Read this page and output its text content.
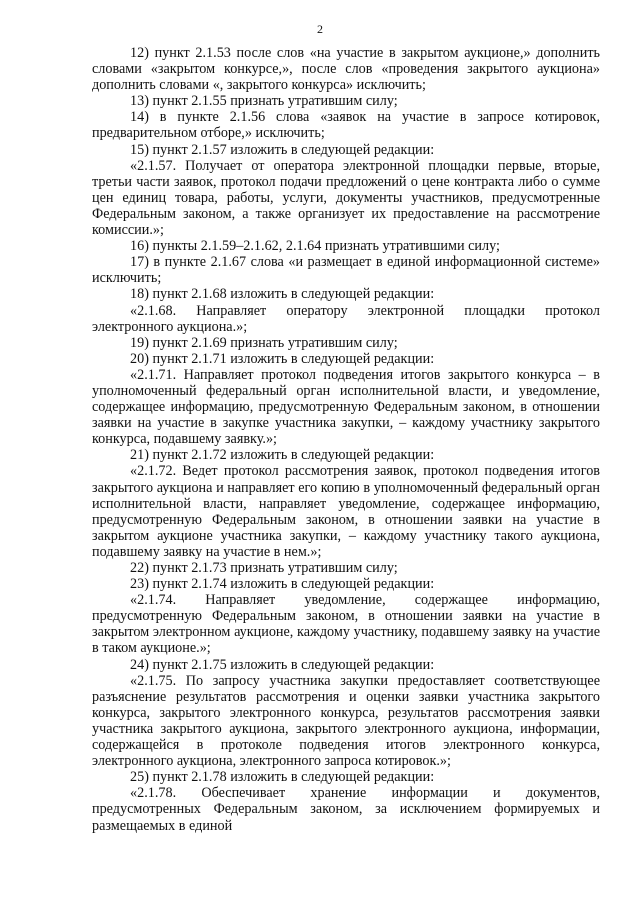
2

12) пункт 2.1.53 после слов «на участие в закрытом аукционе,» дополнить словами «закрытом конкурсе,», после слов «проведения закрытого аукциона» дополнить словами «, закрытого конкурса» исключить;

13) пункт 2.1.55 признать утратившим силу;

14) в пункте 2.1.56 слова «заявок на участие в запросе котировок, предварительном отборе,» исключить;

15) пункт 2.1.57 изложить в следующей редакции:

«2.1.57. Получает от оператора электронной площадки первые, вторые, третьи части заявок, протокол подачи предложений о цене контракта либо о сумме цен единиц товара, работы, услуги, документы участников, предусмотренные Федеральным законом, а также организует их предоставление на рассмотрение комиссии.»;

16) пункты 2.1.59–2.1.62, 2.1.64 признать утратившими силу;

17) в пункте 2.1.67 слова «и размещает в единой информационной системе» исключить;

18) пункт 2.1.68 изложить в следующей редакции:

«2.1.68. Направляет оператору электронной площадки протокол электронного аукциона.»;

19) пункт 2.1.69 признать утратившим силу;

20) пункт 2.1.71 изложить в следующей редакции:

«2.1.71. Направляет протокол подведения итогов закрытого конкурса – в уполномоченный федеральный орган исполнительной власти, и уведомление, содержащее информацию, предусмотренную Федеральным законом, в отношении заявки на участие в закупке участника закупки, – каждому участнику закрытого конкурса, подавшему заявку.»;

21) пункт 2.1.72 изложить в следующей редакции:

«2.1.72. Ведет протокол рассмотрения заявок, протокол подведения итогов закрытого аукциона и направляет его копию в уполномоченный федеральный орган исполнительной власти, направляет уведомление, содержащее информацию, предусмотренную Федеральным законом, в отношении заявки на участие в закрытом аукционе участника закупки, – каждому участнику такого аукциона, подавшему заявку на участие в нем.»;

22) пункт 2.1.73 признать утратившим силу;

23) пункт 2.1.74 изложить в следующей редакции:

«2.1.74. Направляет уведомление, содержащее информацию, предусмотренную Федеральным законом, в отношении заявки на участие в закрытом электронном аукционе, каждому участнику, подавшему заявку на участие в таком аукционе.»;

24) пункт 2.1.75 изложить в следующей редакции:

«2.1.75. По запросу участника закупки предоставляет соответствующее разъяснение результатов рассмотрения и оценки заявки участника закрытого конкурса, закрытого электронного конкурса, результатов рассмотрения заявки участника закрытого аукциона, закрытого электронного аукциона, информации, содержащейся в протоколе подведения итогов электронного конкурса, электронного аукциона, электронного запроса котировок.»;

25) пункт 2.1.78 изложить в следующей редакции:

«2.1.78. Обеспечивает хранение информации и документов, предусмотренных Федеральным законом, за исключением формируемых и размещаемых в единой
